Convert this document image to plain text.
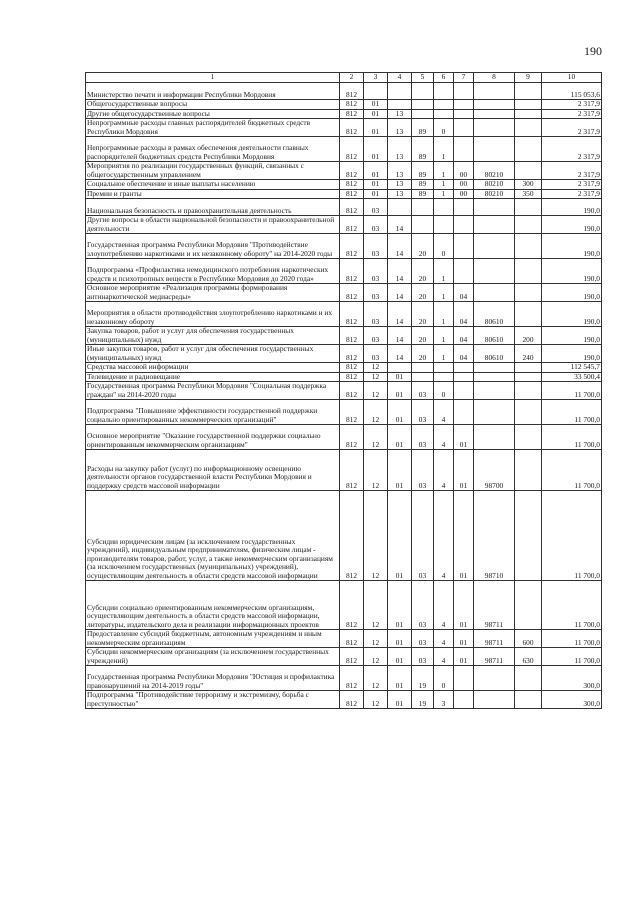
190
1	2	3	4	5	6	7	8	9	10
Министерство печати и информации Республики Мордовия	812								115 053,6
Общегосударственные вопросы	812	01							2 317,9
Другие общегосударственные вопросы	812	01	13						2 317,9
Непрограммные расходы главных распорядителей бюджетных средств Республики Мордовия	812	01	13	89	0				2 317,9
Непрограммные расходы в рамках обеспечения деятельности главных распорядителей бюджетных средств Республики Мордовия	812	01	13	89	1				2 317,9
Мероприятия по реализации государственных функций, связанных с общегосударственным управлением	812	01	13	89	1	00	80210		2 317,9
Социальное обеспечение и иные выплаты населению	812	01	13	89	1	00	80210	300	2 317,9
Премии и гранты	812	01	13	89	1	00	80210	350	2 317,9
Национальная безопасность и правоохранительная деятельность	812	03							190,0
Другие вопросы в области национальной безопасности и правоохранительной деятельности	812	03	14						190,0
Государственная программа Республики Мордовия "Противодействие злоупотреблению наркотиками и их незаконному обороту" на 2014-2020 годы	812	03	14	20	0				190,0
Подпрограмма «Профилактика немедицинского потребления наркотических средств и психотропных веществ в Республике Мордовия до 2020 года»	812	03	14	20	1				190,0
Основное мероприятие «Реализация программы формирования антинаркотической медиасреды»	812	03	14	20	1	04			190,0
Мероприятия в области противодействия злоупотреблению наркотиками и их незаконному обороту	812	03	14	20	1	04	80610		190,0
Закупка товаров, работ и услуг для обеспечения государственных (муниципальных) нужд	812	03	14	20	1	04	80610	200	190,0
Иные закупки товаров, работ и услуг для обеспечения государственных (муниципальных) нужд	812	03	14	20	1	04	80610	240	190,0
Средства массовой информации	812	12							112 545,7
Телевидение и радиовещание	812	12	01						33 500,4
Государственная программа Республики Мордовия "Социальная поддержка граждан" на 2014-2020 годы	812	12	01	03	0				11 700,0
Подпрограмма "Повышение эффективности государственной поддержки социально ориентированных некоммерческих организаций"	812	12	01	03	4				11 700,0
Основное мероприятие "Оказание государственной поддержки социально ориентированным некоммерческим организациям"	812	12	01	03	4	01			11 700,0
Расходы на закупку работ (услуг) по информационному освещению деятельности органов государственной власти Республики Мордовия и поддержку средств массовой информации	812	12	01	03	4	01	98700		11 700,0
Субсидии юридическим лицам (за исключением государственных учреждений), индивидуальным предпринимателям, физическим лицам - производителям товаров, работ, услуг, а также некоммерческим организациям (за исключением государственных (муниципальных) учреждений), осуществляющим деятельность в области средств массовой информации	812	12	01	03	4	01	98710		11 700,0
Субсидии социально ориентированным некоммерческим организациям, осуществляющим деятельность в области средств массовой информации, литературы, издательского дела и реализации информационных проектов	812	12	01	03	4	01	98711		11 700,0
Предоставление субсидий бюджетным, автономным учреждениям и иным некоммерческим организациям	812	12	01	03	4	01	98711	600	11 700,0
Субсидии некоммерческим организациям (за исключением государственных учреждений)	812	12	01	03	4	01	98711	630	11 700,0
Государственная программа Республики Мордовия "Юстиция и профилактика правонарушений на 2014-2019 годы"	812	12	01	19	0				300,0
Подпрограмма "Противодействие терроризму и экстремизму, борьба с преступностью"	812	12	01	19	3				300,0
